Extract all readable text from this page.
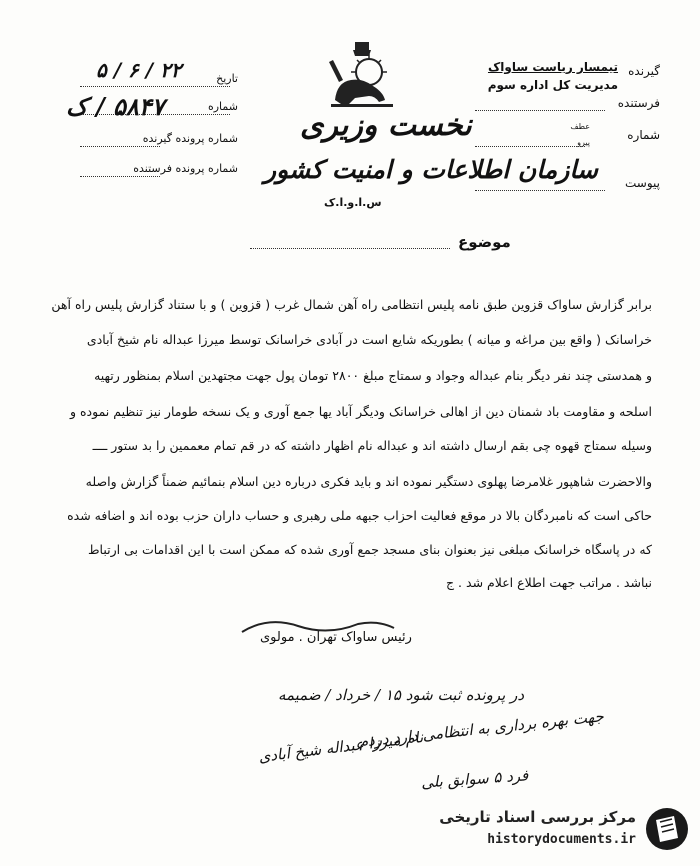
تاریخ
۵ / ۶ / ۲۲
شماره
۵۸۴۷ / ک
شماره پرونده گیرنده
شماره پرونده فرستنده
نخست وزیری
سازمان اطلاعات و امنیت کشور
س.ا.و.ا.ک
گیرنده
تیمسار ریاست ساواک
مدیریت کل اداره سوم
فرستنده
عطف
شماره
پیرو
پیوست
موضوع
برابر گزارش ساواک قزوین طبق نامه پلیس انتظامی راه آهن شمال غرب ( قزوین ) و با ستناد گزارش پلیس راه آهن
خراسانک ( واقع بین مراغه و میانه ) بطوریکه شایع است در آبادی خراسانک توسط میرزا عبداله نام شیخ آبادی
و همدستی چند نفر دیگر بنام عبداله وجواد و سمتاج مبلغ ۲۸۰۰ تومان پول جهت مجتهدین اسلام بمنظور رتهیه
اسلحه و مقاومت باد شمنان دین از اهالی خراسانک ودیگر آباد یها جمع آوری و یک نسخه طومار نیز تنظیم نموده و
وسیله سمتاج قهوه چی بقم ارسال داشته اند و عبداله نام اظهار داشته که در قم تمام معممین را بد ستور ــــ
والاحضرت شاهپور غلامرضا پهلوی دستگیر نموده اند و باید فکری درباره دین اسلام بنمائیم ضمناً گزارش واصله
حاکی است که نامبردگان بالا در موقع فعالیت احزاب جبهه ملی رهبری و حساب داران حزب بوده اند و اضافه شده
که در پاسگاه خراسانک مبلغی نیز بعنوان بنای مسجد جمع آوری شده که ممکن است با این اقدامات بی ارتباط
نباشد . مراتب جهت اطلاع اعلام شد . ج
رئیس ساواک تهران . مولوی
در پرونده ثبت شود ۱۵ / خرداد / ضمیمه
جهت بهره برداری به انتظامی دارد دردم
نام میرزا عبداله شیخ آبادی
فرد ۵ سوابق بلی
مرکز بررسی اسناد تاریخی
historydocuments.ir
